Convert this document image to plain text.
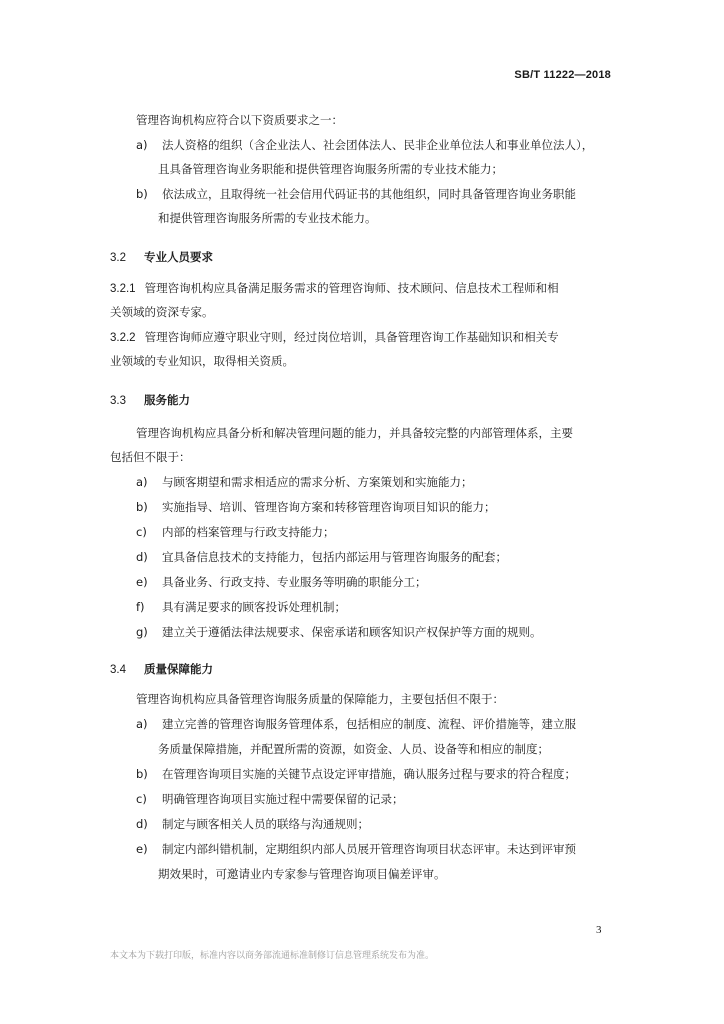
SB/T 11222—2018
管理咨询机构应符合以下资质要求之一：
a) 法人资格的组织（含企业法人、社会团体法人、民非企业单位法人和事业单位法人），
且具备管理咨询业务职能和提供管理咨询服务所需的专业技术能力；
b) 依法成立，且取得统一社会信用代码证书的其他组织，同时具备管理咨询业务职能
和提供管理咨询服务所需的专业技术能力。
3.2 专业人员要求
3.2.1 管理咨询机构应具备满足服务需求的管理咨询师、技术顾问、信息技术工程师和相
关领域的资深专家。
3.2.2 管理咨询师应遵守职业守则，经过岗位培训，具备管理咨询工作基础知识和相关专
业领域的专业知识，取得相关资质。
3.3 服务能力
管理咨询机构应具备分析和解决管理问题的能力，并具备较完整的内部管理体系，主要
包括但不限于：
a) 与顾客期望和需求相适应的需求分析、方案策划和实施能力；
b) 实施指导、培训、管理咨询方案和转移管理咨询项目知识的能力；
c) 内部的档案管理与行政支持能力；
d) 宜具备信息技术的支持能力，包括内部运用与管理咨询服务的配套；
e) 具备业务、行政支持、专业服务等明确的职能分工；
f) 具有满足要求的顾客投诉处理机制；
g) 建立关于遵循法律法规要求、保密承诺和顾客知识产权保护等方面的规则。
3.4 质量保障能力
管理咨询机构应具备管理咨询服务质量的保障能力，主要包括但不限于：
a) 建立完善的管理咨询服务管理体系，包括相应的制度、流程、评价措施等，建立服
务质量保障措施，并配置所需的资源，如资金、人员、设备等和相应的制度；
b) 在管理咨询项目实施的关键节点设定评审措施，确认服务过程与要求的符合程度；
c) 明确管理咨询项目实施过程中需要保留的记录；
d) 制定与顾客相关人员的联络与沟通规则；
e) 制定内部纠错机制，定期组织内部人员展开管理咨询项目状态评审。未达到评审预
期效果时，可邀请业内专家参与管理咨询项目偏差评审。
3
本文本为下载打印版，标准内容以商务部流通标准制修订信息管理系统发布为准。
